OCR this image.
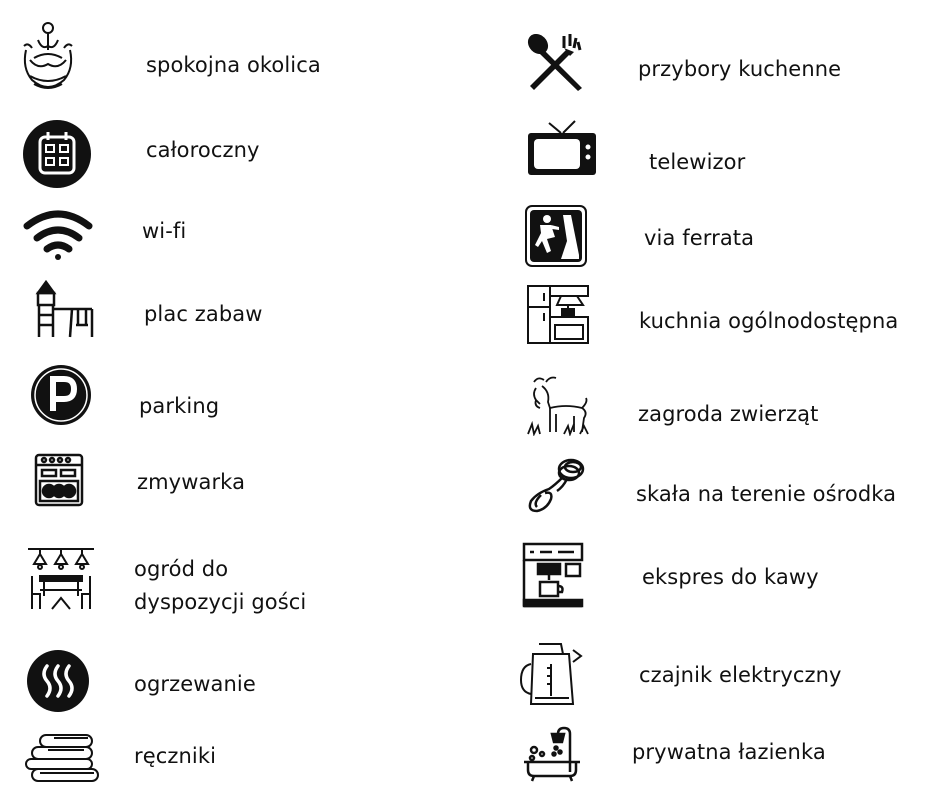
spokojna okolica
całoroczny
wi-fi
plac zabaw
parking
zmywarka
ogród do
dyspozycji gości
ogrzewanie
ręczniki
przybory kuchenne
telewizor
via ferrata
kuchnia ogólnodostępna
zagroda zwierząt
skała na terenie ośrodka
ekspres do kawy
czajnik elektryczny
prywatna łazienka
